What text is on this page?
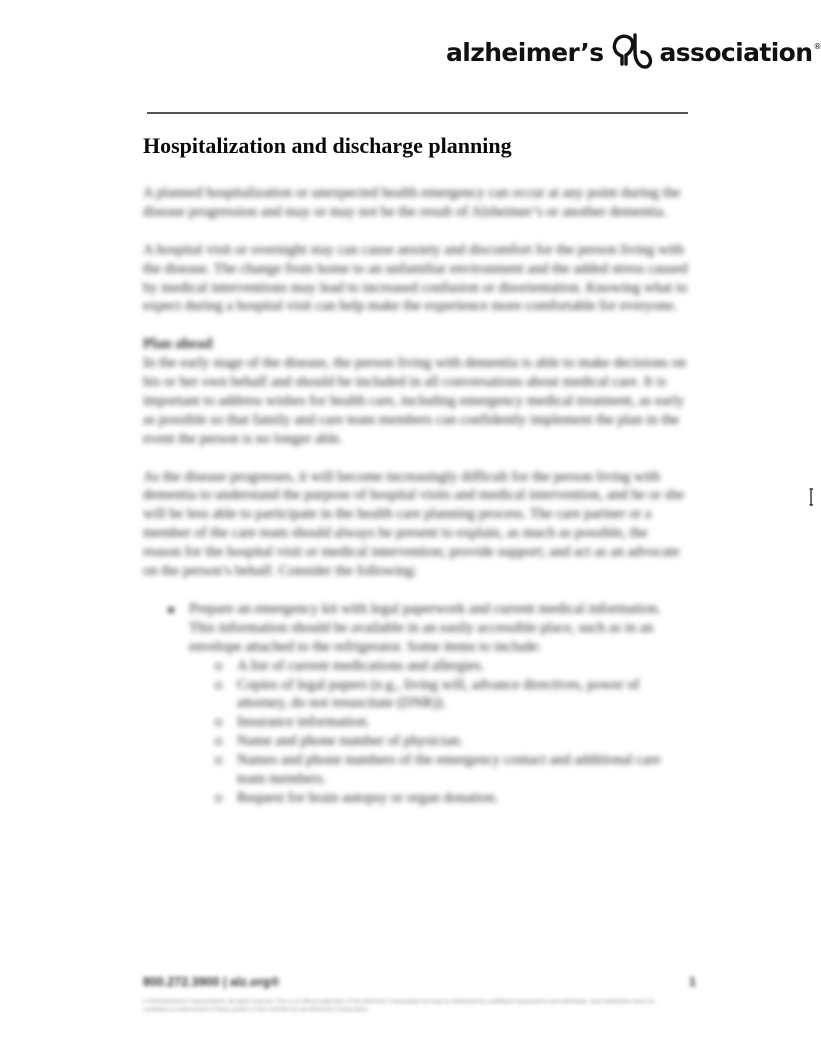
alzheimer’s association ®
Hospitalization and discharge planning

A planned hospitalization or unexpected health emergency can occur at any point during the disease progression and may or may not be the result of Alzheimer’s or another dementia.

A hospital visit or overnight stay can cause anxiety and discomfort for the person living with the disease. The change from home to an unfamiliar environment and the added stress caused by medical interventions may lead to increased confusion or disorientation. Knowing what to expect during a hospital visit can help make the experience more comfortable for everyone.

Plan ahead

In the early stage of the disease, the person living with dementia is able to make decisions on his or her own behalf and should be included in all conversations about medical care. It is important to address wishes for health care, including emergency medical treatment, as early as possible so that family and care team members can confidently implement the plan in the event the person is no longer able.

As the disease progresses, it will become increasingly difficult for the person living with dementia to understand the purpose of hospital visits and medical intervention, and he or she will be less able to participate in the health care planning process. The care partner or a member of the care team should always be present to explain, as much as possible, the reason for the hospital visit or medical intervention; provide support; and act as an advocate on the person’s behalf. Consider the following:

Prepare an emergency kit with legal paperwork and current medical information. This information should be available in an easily accessible place, such as in an envelope attached to the refrigerator. Some items to include:
A list of current medications and allergies.
Copies of legal papers (e.g., living will, advance directives, power of attorney, do not resuscitate (DNR)).
Insurance information.
Name and phone number of physician.
Names and phone numbers of the emergency contact and additional care team members.
Request for brain autopsy or organ donation.
800.272.3900 | alz.org®	1
© 2018 Alzheimer’s Association®. All rights reserved. This is an official publication of the Alzheimer’s Association but may be distributed by unaffiliated organizations and individuals. Such distribution does not constitute an endorsement of these parties or their activities by the Alzheimer’s Association.
